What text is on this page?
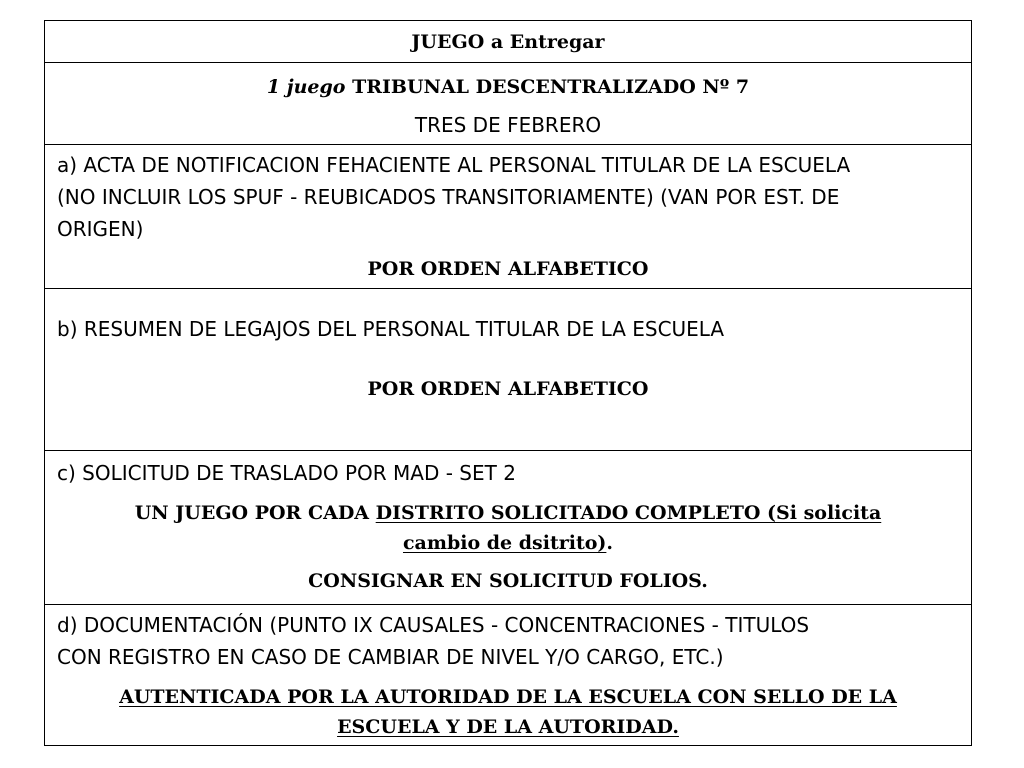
JUEGO a Entregar
1 juego TRIBUNAL DESCENTRALIZADO Nº 7
TRES DE FEBRERO
a) ACTA DE NOTIFICACION FEHACIENTE AL PERSONAL TITULAR DE LA ESCUELA
(NO INCLUIR LOS SPUF - REUBICADOS TRANSITORIAMENTE) (VAN POR EST. DE
ORIGEN)
POR ORDEN ALFABETICO
b) RESUMEN DE LEGAJOS DEL PERSONAL TITULAR DE LA ESCUELA
POR ORDEN ALFABETICO
c) SOLICITUD DE TRASLADO POR MAD - SET 2
UN JUEGO POR CADA DISTRITO SOLICITADO COMPLETO (Si solicita
cambio de dsitrito).
CONSIGNAR EN SOLICITUD FOLIOS.
d) DOCUMENTACIÓN (PUNTO IX CAUSALES - CONCENTRACIONES - TITULOS
CON REGISTRO EN CASO DE CAMBIAR DE NIVEL Y/O CARGO, ETC.)
AUTENTICADA POR LA AUTORIDAD DE LA ESCUELA CON SELLO DE LA
ESCUELA Y DE LA AUTORIDAD.
